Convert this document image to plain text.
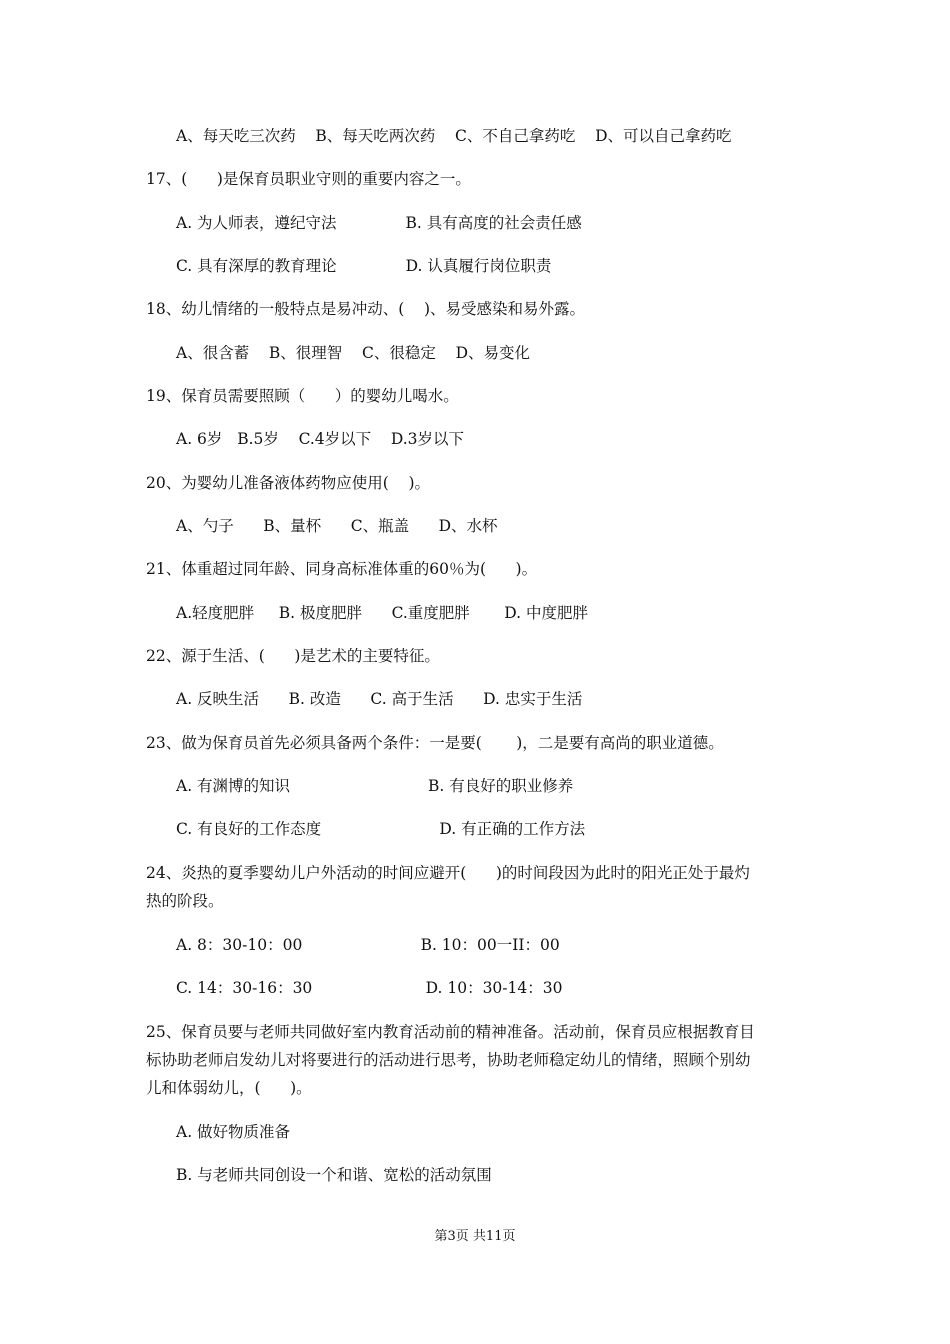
A、每天吃三次药    B、每天吃两次药    C、不自己拿药吃    D、可以自己拿药吃
17、(      )是保育员职业守则的重要内容之一。
A. 为人师表，遵纪守法              B. 具有高度的社会责任感
C. 具有深厚的教育理论              D. 认真履行岗位职责
18、幼儿情绪的一般特点是易冲动、(    )、易受感染和易外露。
A、很含蓄    B、很理智    C、很稳定    D、易变化
19、保育员需要照顾（      ）的婴幼儿喝水。
A. 6岁   B.5岁    C.4岁以下    D.3岁以下
20、为婴幼儿准备液体药物应使用(    )。
A、勺子      B、量杯      C、瓶盖      D、水杯
21、体重超过同年龄、同身高标准体重的60％为(      )。
A.轻度肥胖     B. 极度肥胖      C.重度肥胖       D. 中度肥胖
22、源于生活、(      )是艺术的主要特征。
A. 反映生活      B. 改造      C. 高于生活      D. 忠实于生活
23、做为保育员首先必须具备两个条件：一是要(       )，二是要有高尚的职业道德。
A. 有渊博的知识                            B. 有良好的职业修养
C. 有良好的工作态度                        D. 有正确的工作方法
24、炎热的夏季婴幼儿户外活动的时间应避开(      )的时间段因为此时的阳光正处于最灼
热的阶段。
A. 8：30-10：00                        B. 10：00一II：00
C. 14：30-16：30                       D. 10：30-14：30
25、保育员要与老师共同做好室内教育活动前的精神准备。活动前，保育员应根据教育目
标协助老师启发幼儿对将要进行的活动进行思考，协助老师稳定幼儿的情绪，照顾个别幼
儿和体弱幼儿，(      )。
A. 做好物质准备
B. 与老师共同创设一个和谐、宽松的活动氛围
第3页 共11页
